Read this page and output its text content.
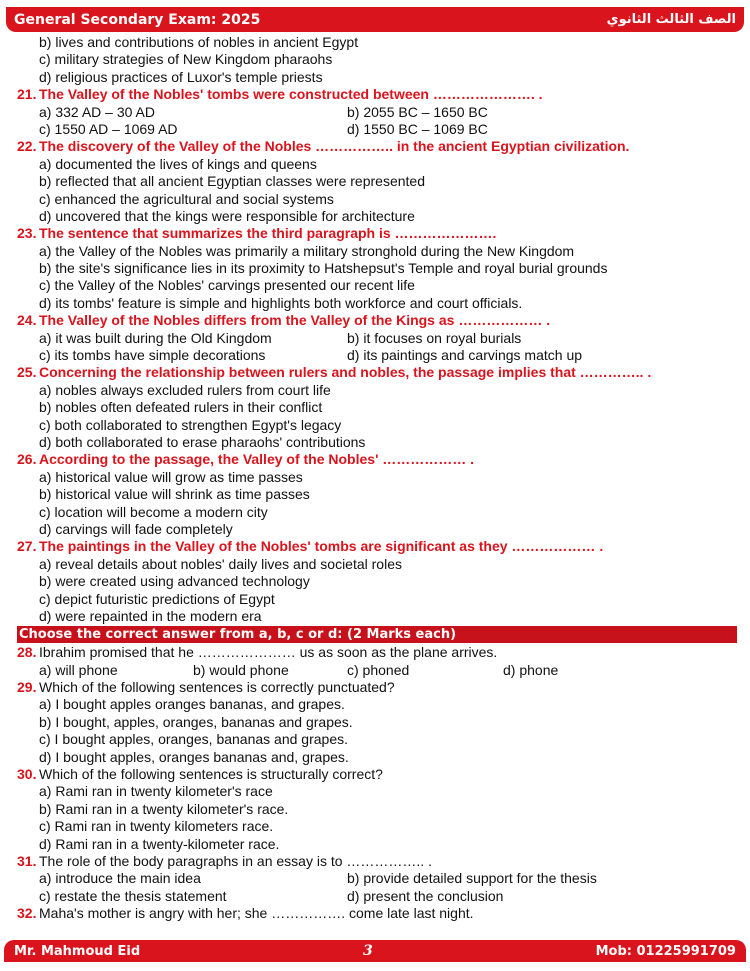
General Secondary Exam: 2025	الصف الثالث الثانوي
b) lives and contributions of nobles in ancient Egypt
c) military strategies of New Kingdom pharaohs
d) religious practices of Luxor's temple priests
21. The Valley of the Nobles' tombs were constructed between …………………. .
a) 332 AD – 30 AD	b) 2055 BC – 1650 BC
c) 1550 AD – 1069 AD	d) 1550 BC – 1069 BC
22. The discovery of the Valley of the Nobles …………….. in the ancient Egyptian civilization.
a) documented the lives of kings and queens
b) reflected that all ancient Egyptian classes were represented
c) enhanced the agricultural and social systems
d) uncovered that the kings were responsible for architecture
23. The sentence that summarizes the third paragraph is ………………….
a) the Valley of the Nobles was primarily a military stronghold during the New Kingdom
b) the site's significance lies in its proximity to Hatshepsut's Temple and royal burial grounds
c) the Valley of the Nobles' carvings presented our recent life
d) its tombs' feature is simple and highlights both workforce and court officials.
24. The Valley of the Nobles differs from the Valley of the Kings as ……………… .
a) it was built during the Old Kingdom	b) it focuses on royal burials
c) its tombs have simple decorations	d) its paintings and carvings match up
25. Concerning the relationship between rulers and nobles, the passage implies that ………….. .
a) nobles always excluded rulers from court life
b) nobles often defeated rulers in their conflict
c) both collaborated to strengthen Egypt's legacy
d) both collaborated to erase pharaohs' contributions
26. According to the passage, the Valley of the Nobles' ……………… .
a) historical value will grow as time passes
b) historical value will shrink as time passes
c) location will become a modern city
d) carvings will fade completely
27. The paintings in the Valley of the Nobles' tombs are significant as they ……………… .
a) reveal details about nobles' daily lives and societal roles
b) were created using advanced technology
c) depict futuristic predictions of Egypt
d) were repainted in the modern era
Choose the correct answer from a, b, c or d: (2 Marks each)
28. Ibrahim promised that he ………………… us as soon as the plane arrives.
a) will phone	b) would phone	c) phoned	d) phone
29. Which of the following sentences is correctly punctuated?
a) I bought apples oranges bananas, and grapes.
b) I bought, apples, oranges, bananas and grapes.
c) I bought apples, oranges, bananas and grapes.
d) I bought apples, oranges bananas and, grapes.
30. Which of the following sentences is structurally correct?
a) Rami ran in twenty kilometer's race
b) Rami ran in a twenty kilometer's race.
c) Rami ran in twenty kilometers race.
d) Rami ran in a twenty-kilometer race.
31. The role of the body paragraphs in an essay is to …………….. .
a) introduce the main idea	b) provide detailed support for the thesis
c) restate the thesis statement	d) present the conclusion
32. Maha's mother is angry with her; she ……………. come late last night.
Mr. Mahmoud Eid	3	Mob: 01225991709
